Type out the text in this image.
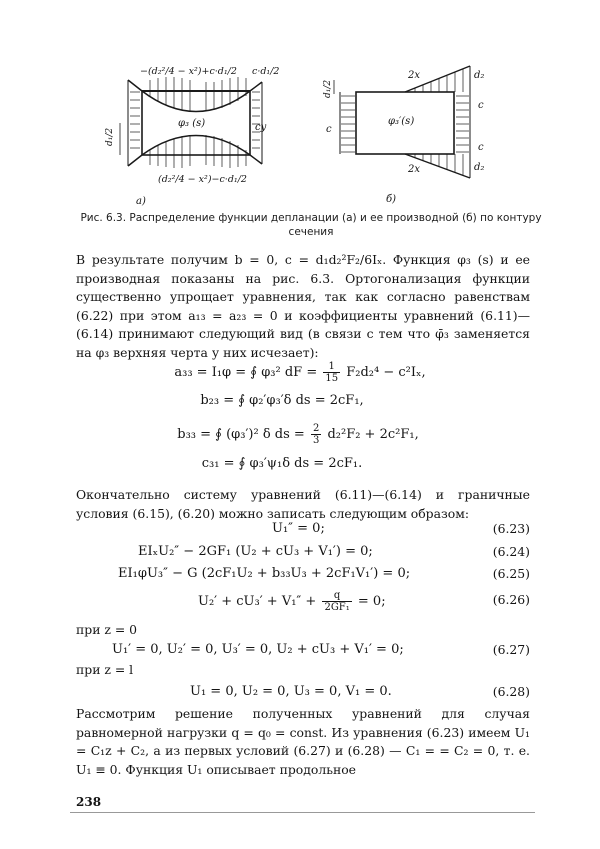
−(d₂²/4 − x²)+c·d₁/2 c·d₁/2
φ₃ (s)	cy
d₁/2
(d₂²/4 − x²)−c·d₁/2
a)
2x	d₂
c
φ₃′(s)
c
c
2x	d₂
d₁/2
б)
Рис. 6.3. Распределение функции депланации (а) и ее производной (б) по контуру сечения

В результате получим b = 0, c = d₁d₂²F₂/6Iₓ. Функция φ₃ (s) и ее производная показаны на рис. 6.3. Ортогонализация функции существенно упрощает уравнения, так как согласно равенствам (6.22) при этом a₁₃ = a₂₃ = 0 и коэффициенты уравнений (6.11)—(6.14) принимают следующий вид (в связи с тем что φ̄₃ заменяется на φ₃ верхняя черта у них исчезает):

a₃₃ = I₁φ = ∮ φ₃² dF = $\frac{1}{15} F_2d_2^4 - c^2I_x$,
b₂₃ = ∮ φ₂′φ₃′δ ds = 2cF₁,
b₃₃ = ∮ (φ₃′)² δ ds = $\frac{2}{3} d_2^2F_2 + 2c^2F_1$,
c₃₁ = ∮ φ₃′ψ₁δ ds = 2cF₁.

Окончательно систему уравнений (6.11)—(6.14) и граничные условия (6.15), (6.20) можно записать следующим образом:

U₁″ = 0;	(6.23)
EIₓU₂″ − 2GF₁ (U₂ + cU₃ + V₁′) = 0;	(6.24)
EI₁φU₃″ − G (2cF₁U₂ + b₃₃U₃ + 2cF₁V₁′) = 0;	(6.25)
$U_2' + cU_3' + V_1'' + \frac{q}{\text{2GF₁}} = 0$;	(6.26)
при z = 0
U₁′ = 0, U₂′ = 0, U₃′ = 0, U₂ + cU₃ + V₁′ = 0;	(6.27)
при z = l
U₁ = 0, U₂ = 0, U₃ = 0, V₁ = 0.	(6.28)

Рассмотрим решение полученных уравнений для случая равномерной нагрузки q = q₀ = const. Из уравнения (6.23) имеем U₁ = C₁z + C₂, а из первых условий (6.27) и (6.28) — C₁ = = C₂ = 0, т. е. U₁ ≡ 0. Функция U₁ описывает продольное

238
